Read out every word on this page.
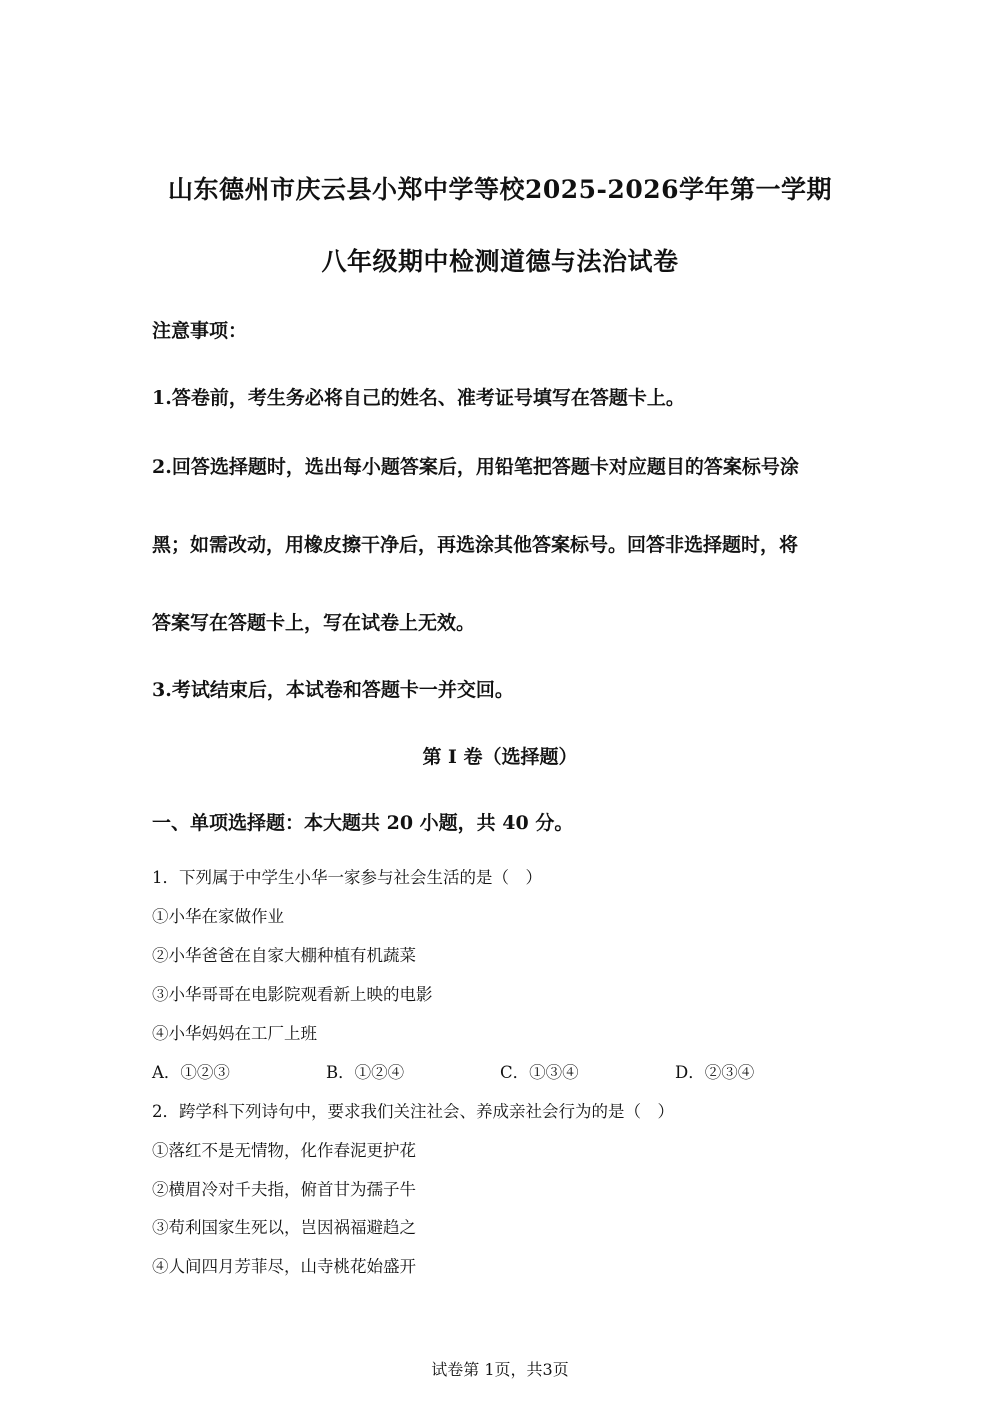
山东德州市庆云县小郑中学等校2025-2026学年第一学期
八年级期中检测道德与法治试卷
注意事项：
1.答卷前，考生务必将自己的姓名、准考证号填写在答题卡上。
2.回答选择题时，选出每小题答案后，用铅笔把答题卡对应题目的答案标号涂
黑；如需改动，用橡皮擦干净后，再选涂其他答案标号。回答非选择题时，将
答案写在答题卡上，写在试卷上无效。
3.考试结束后，本试卷和答题卡一并交回。
第 I 卷（选择题）
一、单项选择题：本大题共 20 小题，共 40 分。
1．下列属于中学生小华一家参与社会生活的是（　）
①小华在家做作业
②小华爸爸在自家大棚种植有机蔬菜
③小华哥哥在电影院观看新上映的电影
④小华妈妈在工厂上班
A．①②③	B．①②④	C．①③④	D．②③④
2．跨学科下列诗句中，要求我们关注社会、养成亲社会行为的是（　）
①落红不是无情物，化作春泥更护花
②横眉冷对千夫指，俯首甘为孺子牛
③苟利国家生死以，岂因祸福避趋之
④人间四月芳菲尽，山寺桃花始盛开
试卷第 1页，共3页
